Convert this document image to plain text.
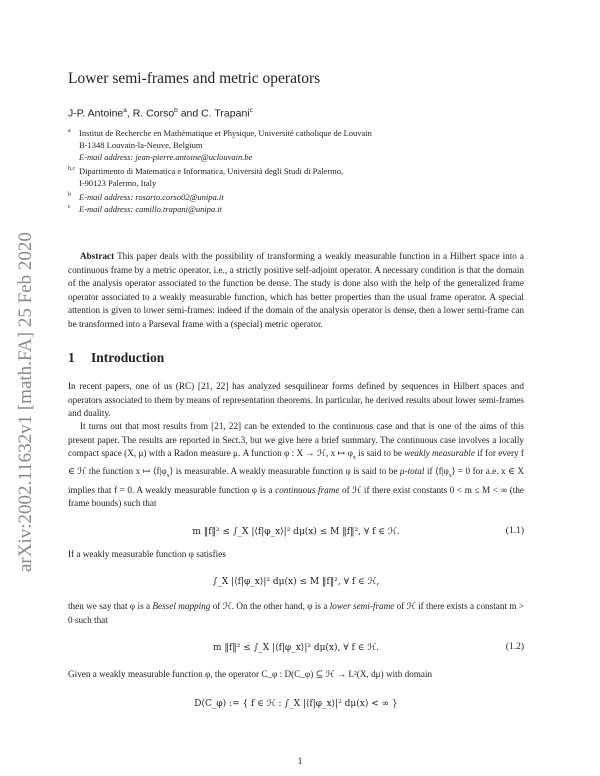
arXiv:2002.11632v1 [math.FA] 25 Feb 2020
Lower semi-frames and metric operators
J-P. Antoine$^a$, R. Corso$^b$ and C. Trapani$^c$
a Institut de Recherche en Mathématique et Physique, Université catholique de Louvain
B-1348 Louvain-la-Neuve, Belgium
E-mail address: jean-pierre.antoine@uclouvain.be
b,c Dipartimento di Matematica e Informatica, Università degli Studi di Palermo,
I-90123 Palermo, Italy
b E-mail address: rosario.corso02@unipa.it
c E-mail address: camillo.trapani@unipa.it
Abstract This paper deals with the possibility of transforming a weakly measurable function in a Hilbert space into a continuous frame by a metric operator, i.e., a strictly positive self-adjoint operator. A necessary condition is that the domain of the analysis operator associated to the function be dense. The study is done also with the help of the generalized frame operator associated to a weakly measurable function, which has better properties than the usual frame operator. A special attention is given to lower semi-frames: indeed if the domain of the analysis operator is dense, then a lower semi-frame can be transformed into a Parseval frame with a (special) metric operator.
1 Introduction
In recent papers, one of us (RC) [21, 22] has analyzed sesquilinear forms defined by sequences in Hilbert spaces and operators associated to them by means of representation theorems. In particular, he derived results about lower semi-frames and duality.
It turns out that most results from [21, 22] can be extended to the continuous case and that is one of the aims of this present paper. The results are reported in Sect.3, but we give here a brief summary. The continuous case involves a locally compact space (X, μ) with a Radon measure μ. A function φ : X → ℋ, x ↦ $\varphi_x$ is said to be weakly measurable if for every f ∈ ℋ the function x ↦ $⟨f|\varphi_x⟩$ is measurable. A weakly measurable function φ is said to be μ-total if $⟨f|\varphi_x⟩ = 0$ for a.e. x ∈ X implies that f = 0. A weakly measurable function φ is a continuous frame of ℋ if there exist constants 0 < m ≤ M < ∞ (the frame bounds) such that
m ‖f‖² ≤ ∫_X |⟨f|φ_x⟩|² dμ(x) ≤ M ‖f‖², ∀ f ∈ ℋ.	(1.1)
If a weakly measurable function φ satisfies
∫_X |⟨f|φ_x⟩|² dμ(x) ≤ M ‖f‖², ∀ f ∈ ℋ,
then we say that φ is a Bessel mapping of ℋ. On the other hand, φ is a lower semi-frame of ℋ if there exists a constant m > 0 such that
m ‖f‖² ≤ ∫_X |⟨f|φ_x⟩|² dμ(x), ∀ f ∈ ℋ.	(1.2)
Given a weakly measurable function φ, the operator C_φ : D(C_φ) ⊆ ℋ → L²(X, dμ) with domain
D(C_φ) := { f ∈ ℋ : ∫_X |⟨f|φ_x⟩|² dμ(x) < ∞ }
1
